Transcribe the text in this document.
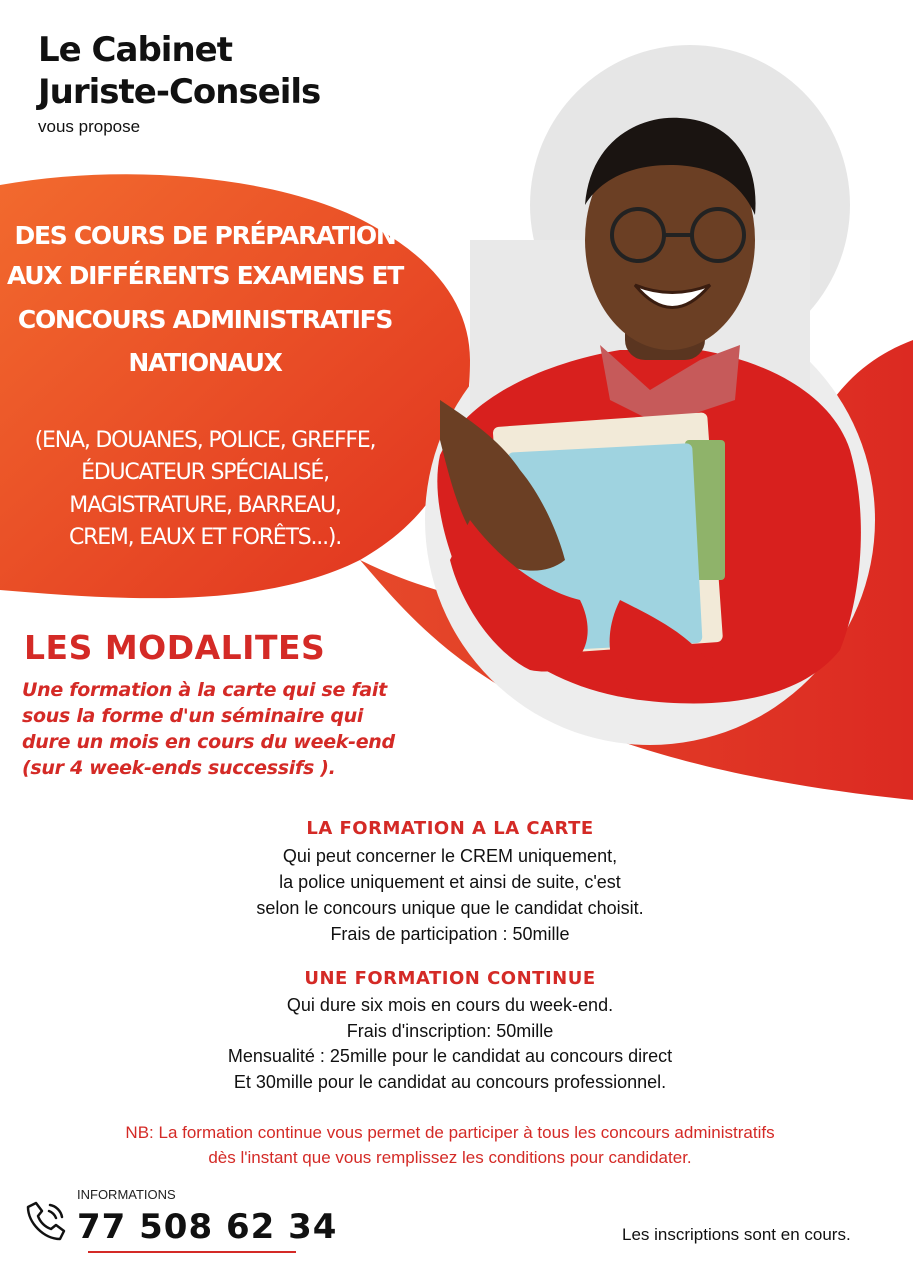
Le Cabinet
Juriste-Conseils
vous propose
DES COURS DE PRÉPARATION
AUX DIFFÉRENTS EXAMENS ET
CONCOURS ADMINISTRATIFS
NATIONAUX
(ENA, DOUANES, POLICE, GREFFE,
ÉDUCATEUR SPÉCIALISÉ,
MAGISTRATURE, BARREAU,
CREM, EAUX ET FORÊTS...).
LES MODALITES
Une formation à la carte qui se fait
sous la forme d'un séminaire qui
dure un mois en cours du week-end
(sur 4 week-ends successifs ).
LA FORMATION A LA CARTE
Qui peut concerner le CREM uniquement,
la police uniquement et ainsi de suite, c'est
selon le concours unique que le candidat choisit.
Frais de participation : 50mille
UNE FORMATION CONTINUE
Qui dure six mois en cours du week-end.
Frais d'inscription: 50mille
Mensualité : 25mille pour le candidat au concours direct
Et 30mille pour le candidat au concours professionnel.
NB: La formation continue vous permet de participer à tous les concours administratifs
dès l'instant que vous remplissez les conditions pour candidater.
INFORMATIONS
77 508 62 34	Les inscriptions sont en cours.
